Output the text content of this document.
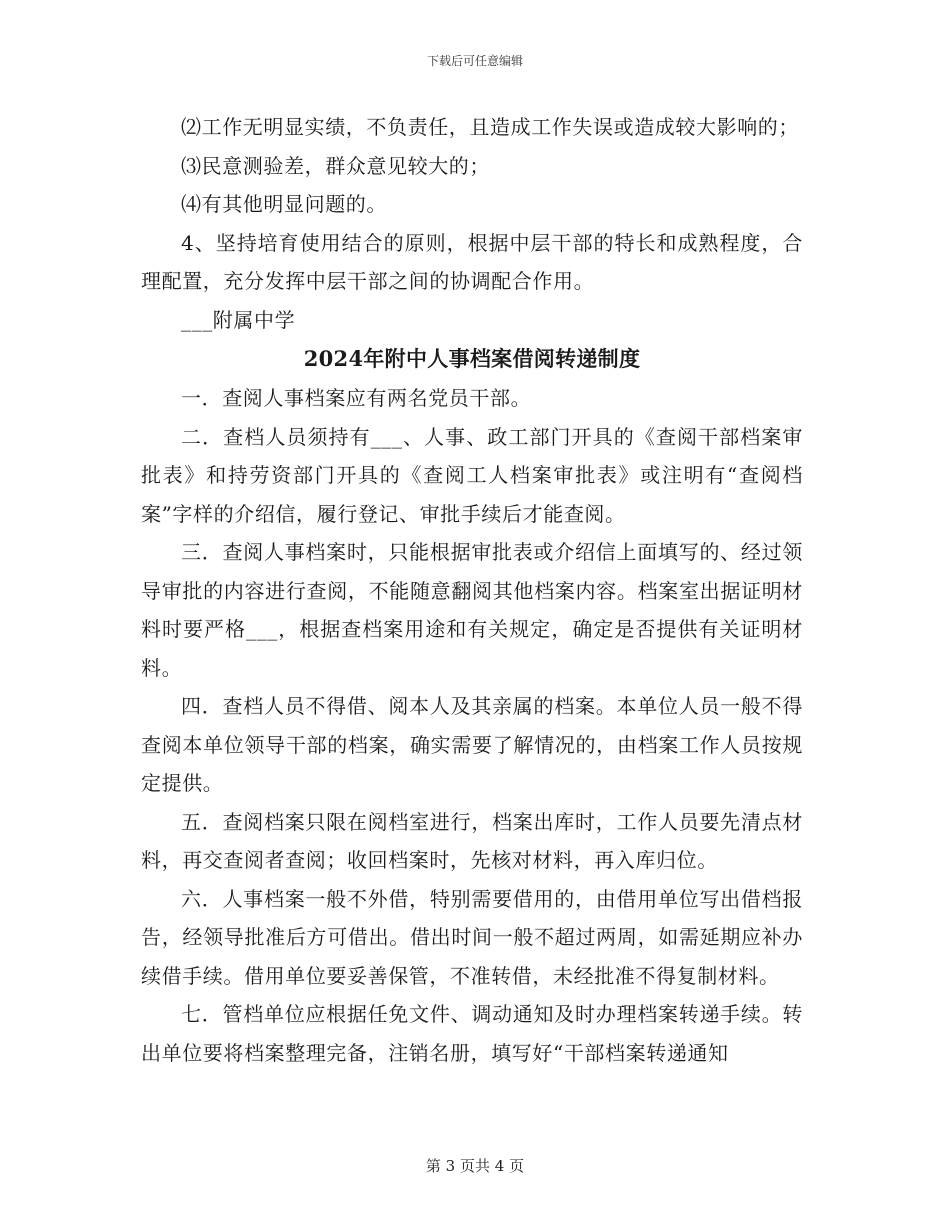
下载后可任意编辑

⑵工作无明显实绩，不负责任，且造成工作失误或造成较大影响的；

⑶民意测验差，群众意见较大的；

⑷有其他明显问题的。

4、坚持培育使用结合的原则，根据中层干部的特长和成熟程度，合理配置，充分发挥中层干部之间的协调配合作用。

___附属中学

2024年附中人事档案借阅转递制度

一．查阅人事档案应有两名党员干部。

二．查档人员须持有___、人事、政工部门开具的《查阅干部档案审批表》和持劳资部门开具的《查阅工人档案审批表》或注明有“查阅档案”字样的介绍信，履行登记、审批手续后才能查阅。

三．查阅人事档案时，只能根据审批表或介绍信上面填写的、经过领导审批的内容进行查阅，不能随意翻阅其他档案内容。档案室出据证明材料时要严格___，根据查档案用途和有关规定，确定是否提供有关证明材料。

四．查档人员不得借、阅本人及其亲属的档案。本单位人员一般不得查阅本单位领导干部的档案，确实需要了解情况的，由档案工作人员按规定提供。

五．查阅档案只限在阅档室进行，档案出库时，工作人员要先清点材料，再交查阅者查阅；收回档案时，先核对材料，再入库归位。

六．人事档案一般不外借，特别需要借用的，由借用单位写出借档报告，经领导批准后方可借出。借出时间一般不超过两周，如需延期应补办续借手续。借用单位要妥善保管，不准转借，未经批准不得复制材料。

七．管档单位应根据任免文件、调动通知及时办理档案转递手续。转出单位要将档案整理完备，注销名册，填写好“干部档案转递通知

第 3 页共 4 页
